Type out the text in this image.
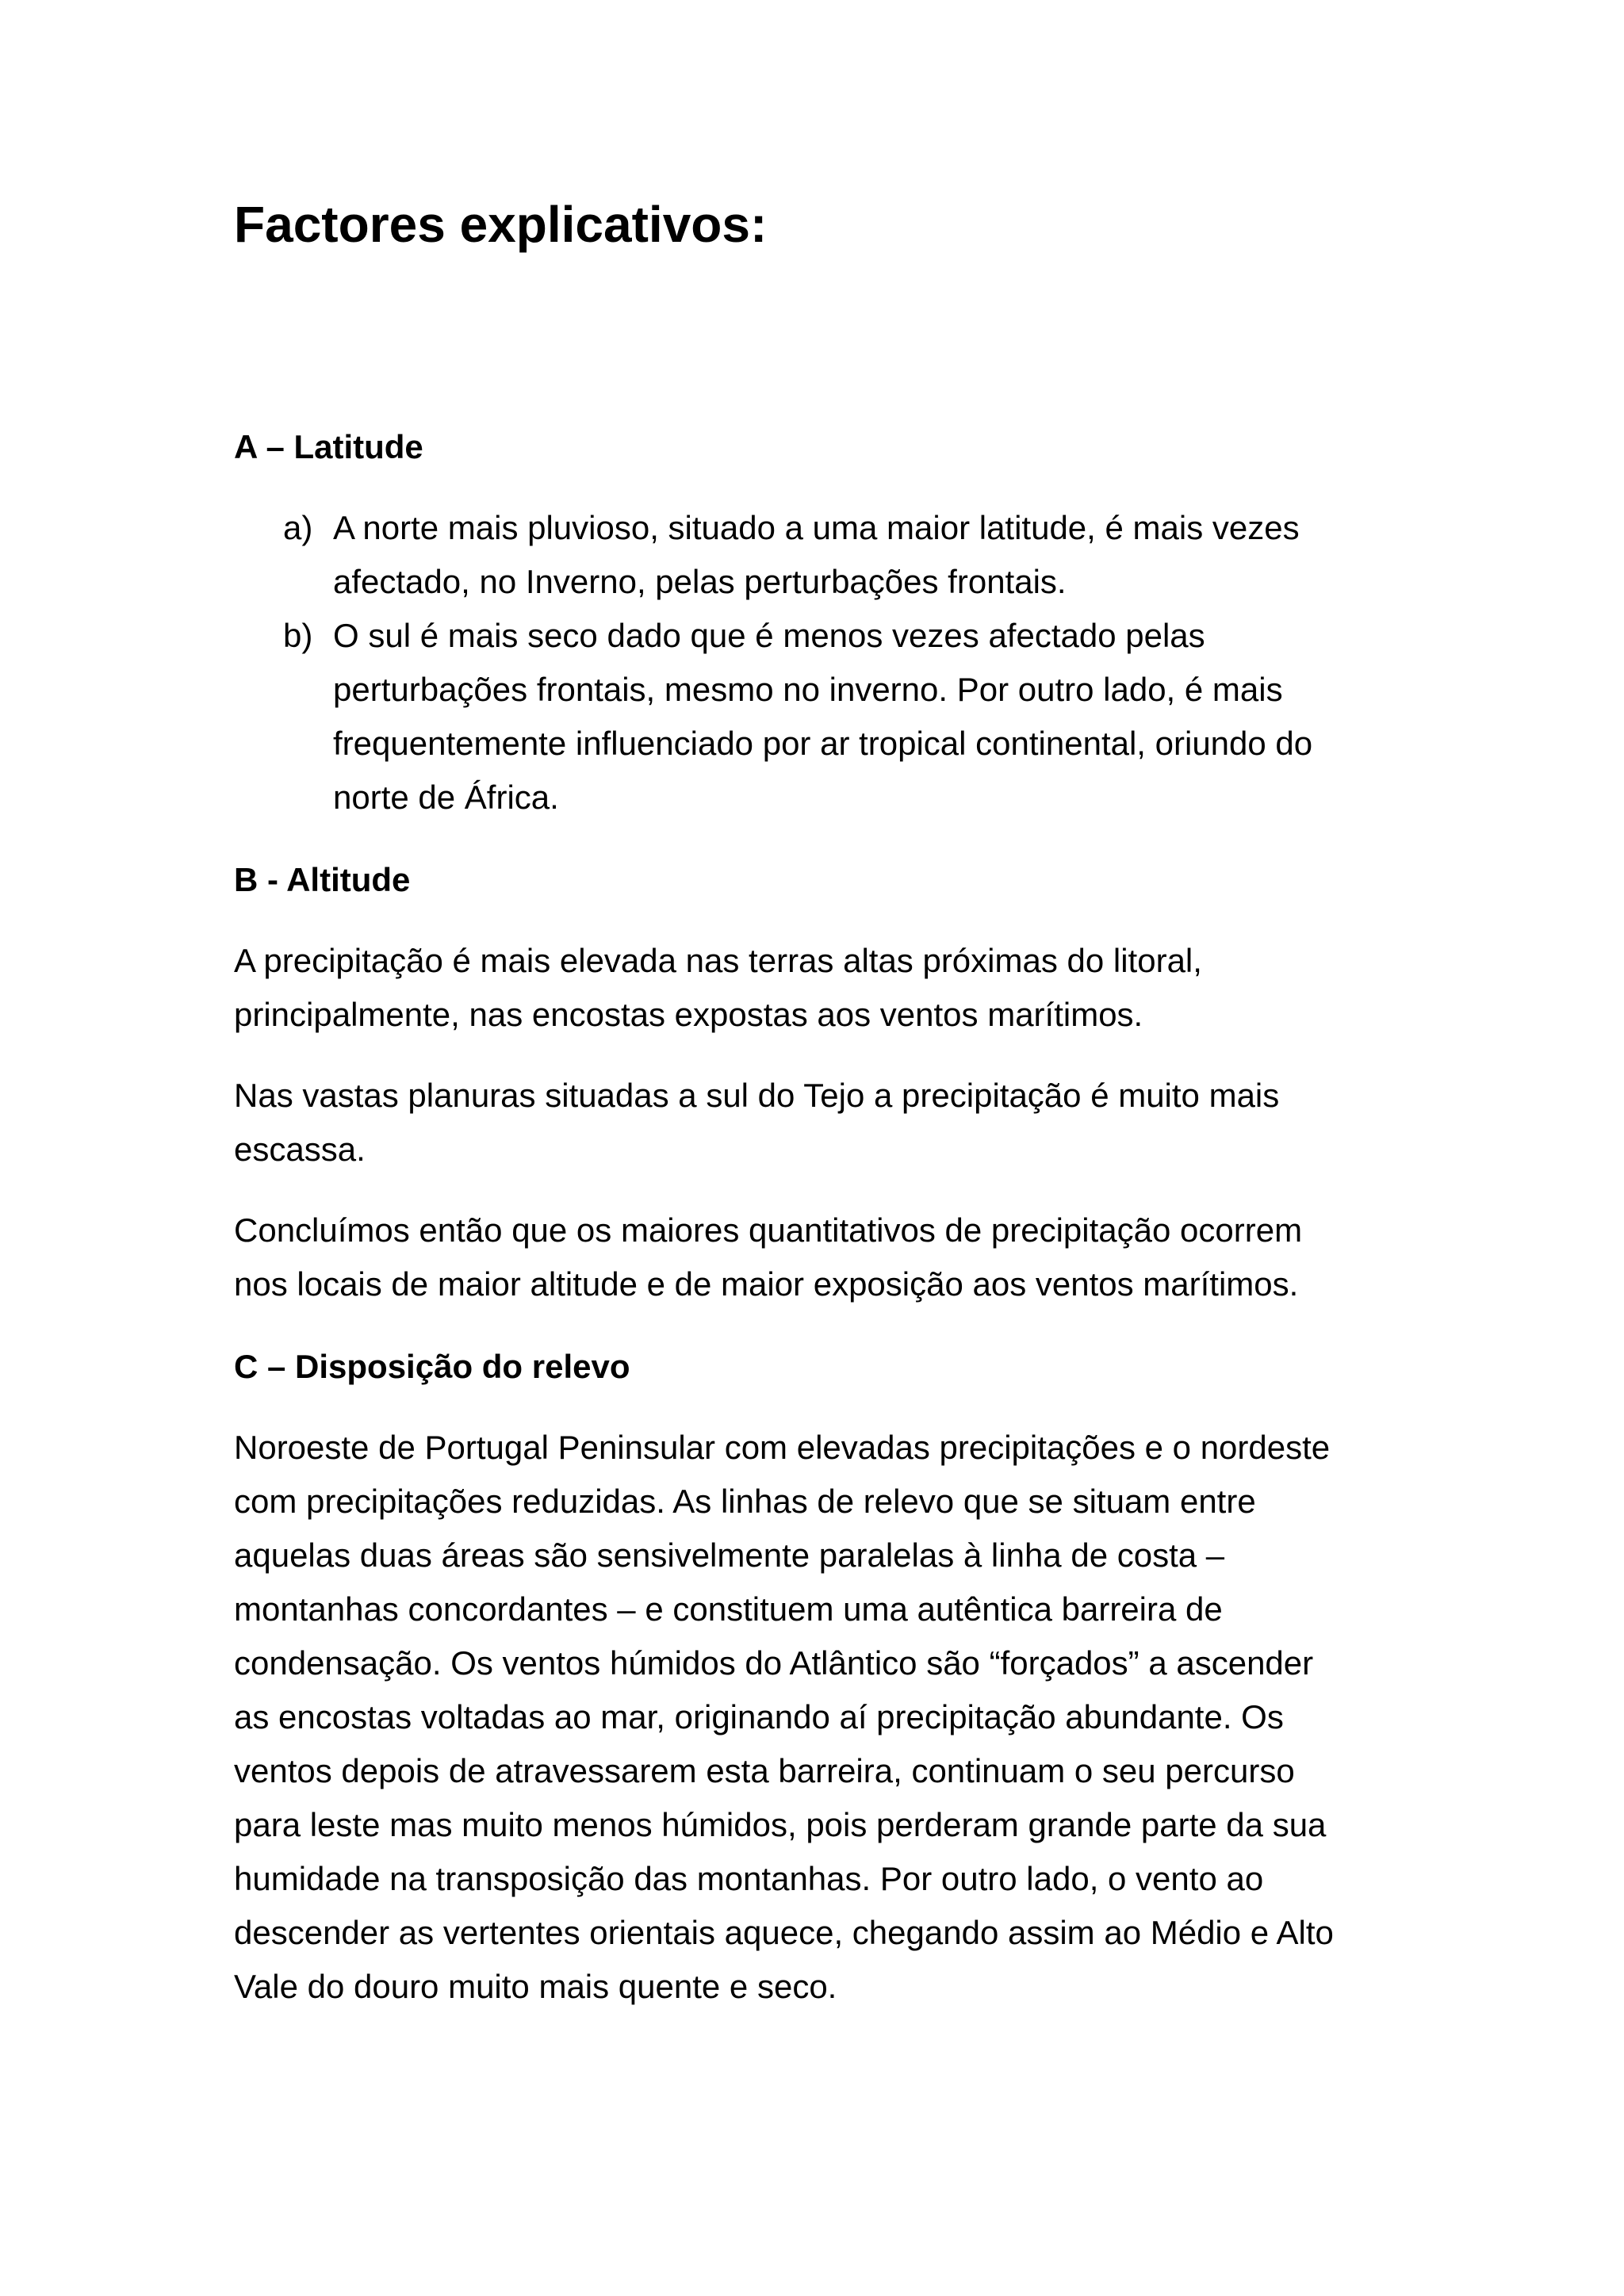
Factores explicativos:
A – Latitude
a) A norte mais pluvioso, situado a uma maior latitude, é mais vezes
afectado, no Inverno, pelas perturbações frontais.
b) O sul é mais seco dado que é menos vezes afectado pelas
perturbações frontais, mesmo no inverno. Por outro lado, é mais
frequentemente influenciado por ar tropical continental, oriundo do
norte de África.
B - Altitude
A precipitação é mais elevada nas terras altas próximas do litoral,
principalmente, nas encostas expostas aos ventos marítimos.
Nas vastas planuras situadas a sul do Tejo a precipitação é muito mais
escassa.
Concluímos então que os maiores quantitativos de precipitação ocorrem
nos locais de maior altitude e de maior exposição aos ventos marítimos.
C – Disposição do relevo
Noroeste de Portugal Peninsular com elevadas precipitações e o nordeste
com precipitações reduzidas. As linhas de relevo que se situam entre
aquelas duas áreas são sensivelmente paralelas à linha de costa –
montanhas concordantes – e constituem uma autêntica barreira de
condensação. Os ventos húmidos do Atlântico são “forçados” a ascender
as encostas voltadas ao mar, originando aí precipitação abundante. Os
ventos depois de atravessarem esta barreira, continuam o seu percurso
para leste mas muito menos húmidos, pois perderam grande parte da sua
humidade na transposição das montanhas. Por outro lado, o vento ao
descender as vertentes orientais aquece, chegando assim ao Médio e Alto
Vale do douro muito mais quente e seco.
